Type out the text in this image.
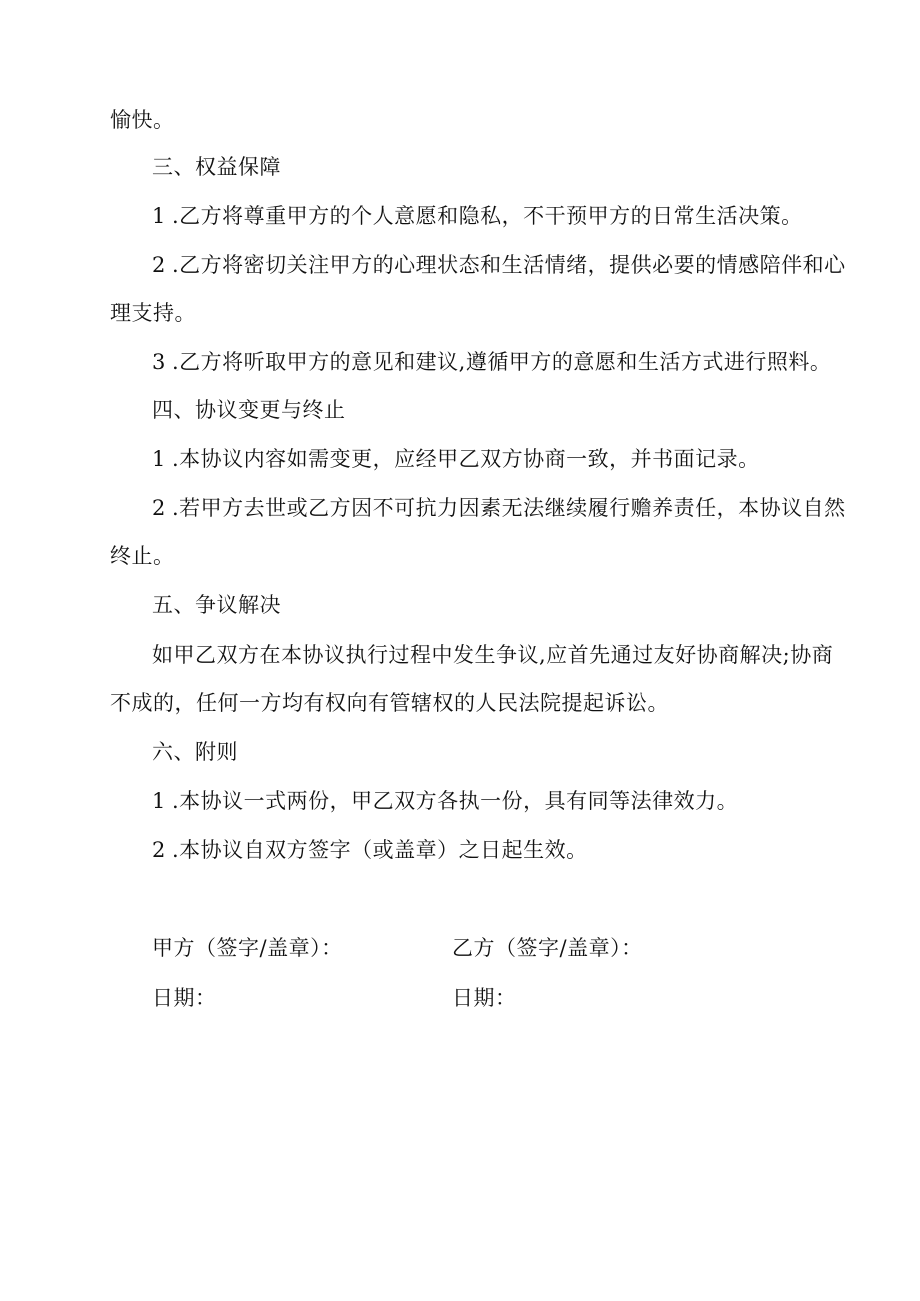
愉快。
三、权益保障
1 .乙方将尊重甲方的个人意愿和隐私，不干预甲方的日常生活决策。
2 .乙方将密切关注甲方的心理状态和生活情绪，提供必要的情感陪伴和心
理支持。
3 .乙方将听取甲方的意见和建议,遵循甲方的意愿和生活方式进行照料。
四、协议变更与终止
1 .本协议内容如需变更，应经甲乙双方协商一致，并书面记录。
2 .若甲方去世或乙方因不可抗力因素无法继续履行赡养责任，本协议自然
终止。
五、争议解决
如甲乙双方在本协议执行过程中发生争议,应首先通过友好协商解决;协商
不成的，任何一方均有权向有管辖权的人民法院提起诉讼。
六、附则
1 .本协议一式两份，甲乙双方各执一份，具有同等法律效力。
2 .本协议自双方签字（或盖章）之日起生效。
甲方（签字/盖章）：	乙方（签字/盖章）：
日期：	日期：
